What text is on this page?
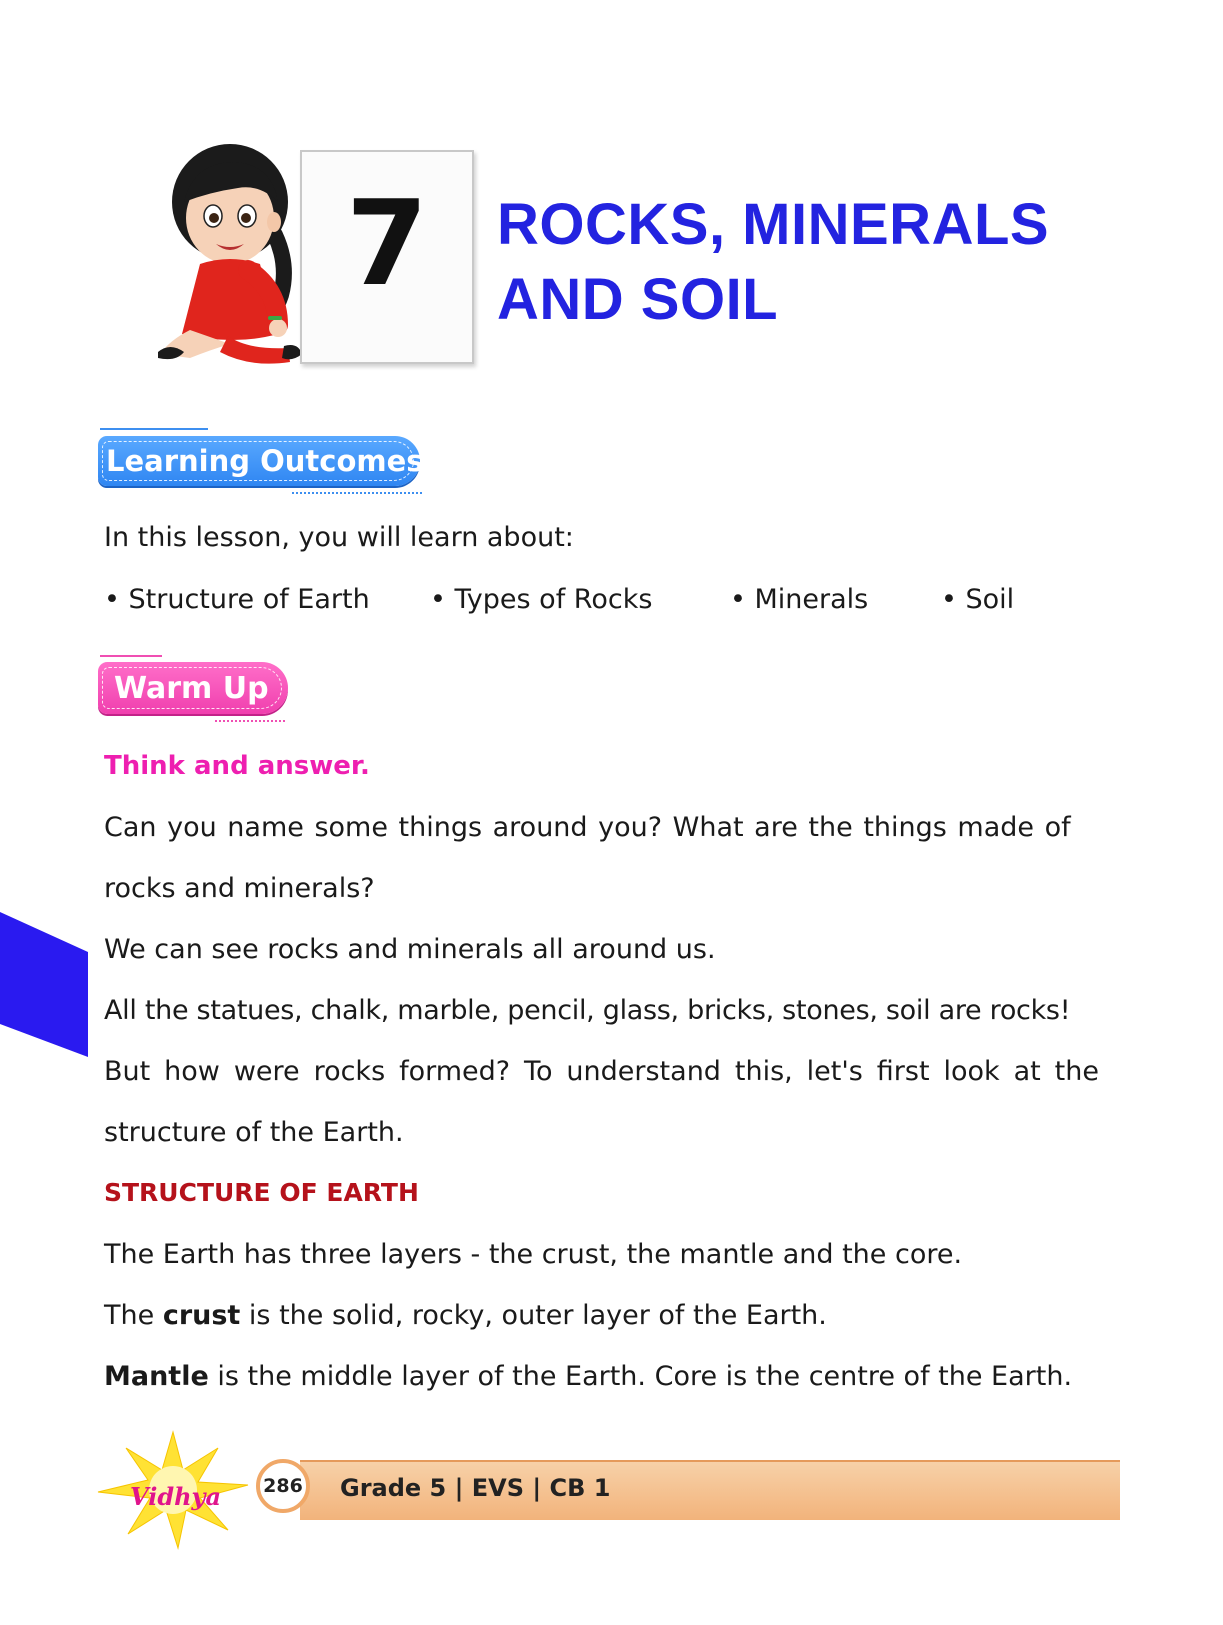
7	ROCKS, MINERALS
AND SOIL
Learning Outcomes
In this lesson, you will learn about:
• Structure of Earth • Types of Rocks	• Minerals	• Soil
Warm Up
Think and answer.
Can you name some things around you? What are the things made of
rocks and minerals?
We can see rocks and minerals all around us.
All the statues, chalk, marble, pencil, glass, bricks, stones, soil are rocks!
But how were rocks formed? To understand this, let's first look at the
structure of the Earth.
STRUCTURE OF EARTH
The Earth has three layers - the crust, the mantle and the core.
The crust is the solid, rocky, outer layer of the Earth.
Mantle is the middle layer of the Earth. Core is the centre of the Earth.
Grade 5 | EVS | CB 1
286
Vidhya
